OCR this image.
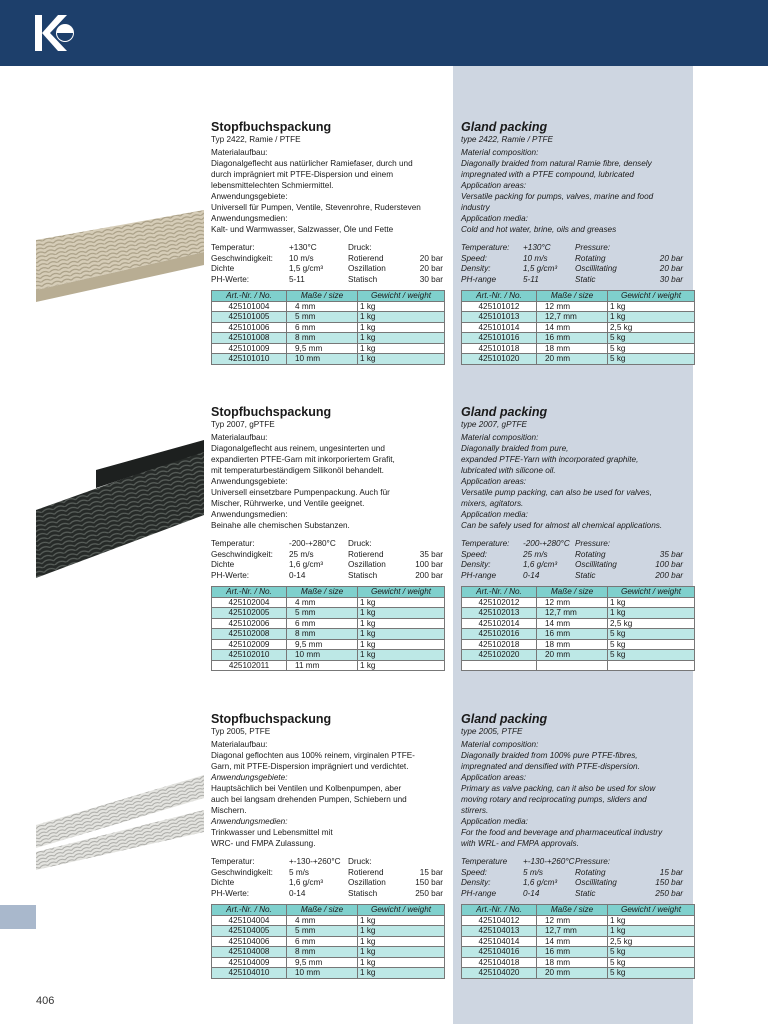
Stopfbuchspackung
Typ 2422, Ramie / PTFE
Materialaufbau:
Diagonalgeflecht aus natürlicher Ramiefaser, durch und
durch imprägniert mit PTFE-Dispersion und einem
lebensmittelechten Schmiermittel.
Anwendungsgebiete:
Universell für Pumpen, Ventile, Stevenrohre, Rudersteven
Anwendungsmedien:
Kalt- und Warmwasser, Salzwasser, Öle und Fette
Temperatur:	+130°C	Druck:
Geschwindigkeit:	10 m/s	Rotierend	20 bar
Dichte	1,5 g/cm³	Oszillation	20 bar
PH-Werte:	5-11	Statisch	30 bar
Art.-Nr. / No.	Maße / size	Gewicht / weight
425101004	4 mm	1 kg
425101005	5 mm	1 kg
425101006	6 mm	1 kg
425101008	8 mm	1 kg
425101009	9,5 mm	1 kg
425101010	10 mm	1 kg
Gland packing
type 2422, Ramie / PTFE
Material composition:
Diagonally braided from natural Ramie fibre, densely
impregnated with a PTFE compound, lubricated
Application areas:
Versatile packing for pumps, valves, marine and food
industry
Application media:
Cold and hot water, brine, oils and greases
Temperature:	+130°C	Pressure:
Speed:	10 m/s	Rotating	20 bar
Density:	1,5 g/cm³	Oscillitating	20 bar
PH-range	5-11	Static	30 bar
Art.-Nr. / No.	Maße / size	Gewicht / weight
425101012	12 mm	1 kg
425101013	12,7 mm	1 kg
425101014	14 mm	2,5 kg
425101016	16 mm	5 kg
425101018	18 mm	5 kg
425101020	20 mm	5 kg
Stopfbuchspackung
Typ 2007, gPTFE
Materialaufbau:
Diagonalgeflecht aus reinem, ungesinterten und
expandierten PTFE-Garn mit inkorporiertem Grafit,
mit temperaturbeständigem Silikonöl behandelt.
Anwendungsgebiete:
Universell einsetzbare Pumpenpackung. Auch für
Mischer, Rührwerke, und Ventile geeignet.
Anwendungsmedien:
Beinahe alle chemischen Substanzen.
Temperatur:	-200-+280°C	Druck:
Geschwindigkeit:	25 m/s	Rotierend	35 bar
Dichte	1,6 g/cm³	Oszillation	100 bar
PH-Werte:	0-14	Statisch	200 bar
Art.-Nr. / No.	Maße / size	Gewicht / weight
425102004	4 mm	1 kg
425102005	5 mm	1 kg
425102006	6 mm	1 kg
425102008	8 mm	1 kg
425102009	9,5 mm	1 kg
425102010	10 mm	1 kg
425102011	11 mm	1 kg
Gland packing
type 2007, gPTFE
Material composition:
Diagonally braided from pure,
expanded PTFE-Yarn with incorporated graphite,
lubricated with silicone oil.
Application areas:
Versatile pump packing, can also be used for valves,
mixers, agitators.
Application media:
Can be safely used for almost all chemical applications.
Temperature:	-200-+280°C Pressure:
Speed:	25 m/s	Rotating	35 bar
Density:	1,6 g/cm³	Oscillitating	100 bar
PH-range	0-14	Static	200 bar
Art.-Nr. / No.	Maße / size	Gewicht / weight
425102012	12 mm	1 kg
425102013	12,7 mm	1 kg
425102014	14 mm	2,5 kg
425102016	16 mm	5 kg
425102018	18 mm	5 kg
425102020	20 mm	5 kg

Stopfbuchspackung
Typ 2005, PTFE
Materialaufbau:
Diagonal geflochten aus 100% reinem, virginalen PTFE-
Garn, mit PTFE-Dispersion imprägniert und verdichtet.
Anwendungsgebiete:
Hauptsächlich bei Ventilen und Kolbenpumpen, aber
auch bei langsam drehenden Pumpen, Schiebern und
Mischern.
Anwendungsmedien:
Trinkwasser und Lebensmittel mit
WRC- und FMPA Zulassung.
Temperatur:	+-130-+260°C Druck:
Geschwindigkeit:	5 m/s	Rotierend	15 bar
Dichte	1,6 g/cm³	Oszillation	150 bar
PH-Werte:	0-14	Statisch	250 bar
Art.-Nr. / No.	Maße / size	Gewicht / weight
425104004	4 mm	1 kg
425104005	5 mm	1 kg
425104006	6 mm	1 kg
425104008	8 mm	1 kg
425104009	9,5 mm	1 kg
425104010	10 mm	1 kg
Gland packing
type 2005, PTFE
Material composition:
Diagonally braided from 100% pure PTFE-fibres,
impregnated and densified with PTFE-dispersion.
Application areas:
Primary as valve packing, can it also be used for slow
moving rotary and reciprocating pumps, sliders and
stirrers.
Application media:
For the food and beverage and pharmaceutical industry
with WRL- and FMPA approvals.
Temperature	+-130-+260°C Pressure:
Speed:	5 m/s	Rotating	15 bar
Density:	1,6 g/cm³	Oscillitating	150 bar
PH-range	0-14	Static	250 bar
Art.-Nr. / No.	Maße / size	Gewicht / weight
425104012	12 mm	1 kg
425104013	12,7 mm	1 kg
425104014	14 mm	2,5 kg
425104016	16 mm	5 kg
425104018	18 mm	5 kg
425104020	20 mm	5 kg
406
